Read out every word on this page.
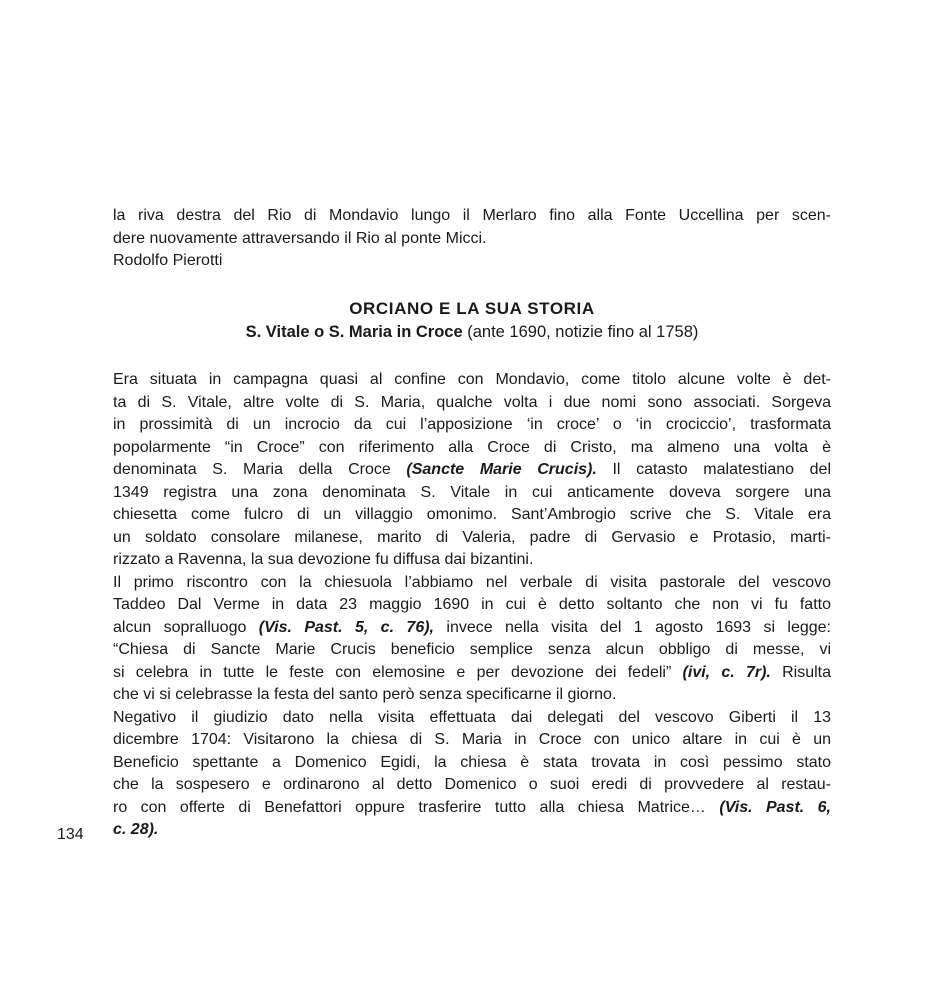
134
la riva destra del Rio di Mondavio lungo il Merlaro fino alla Fonte Uccellina per scen-
dere nuovamente attraversando il Rio al ponte Micci.
Rodolfo Pierotti
ORCIANO E LA SUA STORIA
S. Vitale o S. Maria in Croce (ante 1690, notizie fino al 1758)
Era situata in campagna quasi al confine con Mondavio, come titolo alcune volte è det-
ta di S. Vitale, altre volte di S. Maria, qualche volta i due nomi sono associati. Sorgeva
in prossimità di un incrocio da cui l’apposizione ‘in croce’ o ‘in crociccio’, trasformata
popolarmente “in Croce” con riferimento alla Croce di Cristo, ma almeno una volta è
denominata S. Maria della Croce (Sancte Marie Crucis). Il catasto malatestiano del
1349 registra una zona denominata S. Vitale in cui anticamente doveva sorgere una
chiesetta come fulcro di un villaggio omonimo. Sant’Ambrogio scrive che S. Vitale era
un soldato consolare milanese, marito di Valeria, padre di Gervasio e Protasio, marti-
rizzato a Ravenna, la sua devozione fu diffusa dai bizantini.
Il primo riscontro con la chiesuola l’abbiamo nel verbale di visita pastorale del vescovo
Taddeo Dal Verme in data 23 maggio 1690 in cui è detto soltanto che non vi fu fatto
alcun sopralluogo (Vis. Past. 5, c. 76), invece nella visita del 1 agosto 1693 si legge:
“Chiesa di Sancte Marie Crucis beneficio semplice senza alcun obbligo di messe, vi
si celebra in tutte le feste con elemosine e per devozione dei fedeli” (ivi, c. 7r). Risulta
che vi si celebrasse la festa del santo però senza specificarne il giorno.
Negativo il giudizio dato nella visita effettuata dai delegati del vescovo Giberti il 13
dicembre 1704: Visitarono la chiesa di S. Maria in Croce con unico altare in cui è un
Beneficio spettante a Domenico Egidi, la chiesa è stata trovata in così pessimo stato
che la sospesero e ordinarono al detto Domenico o suoi eredi di provvedere al restau-
ro con offerte di Benefattori oppure trasferire tutto alla chiesa Matrice… (Vis. Past. 6,
c. 28).
